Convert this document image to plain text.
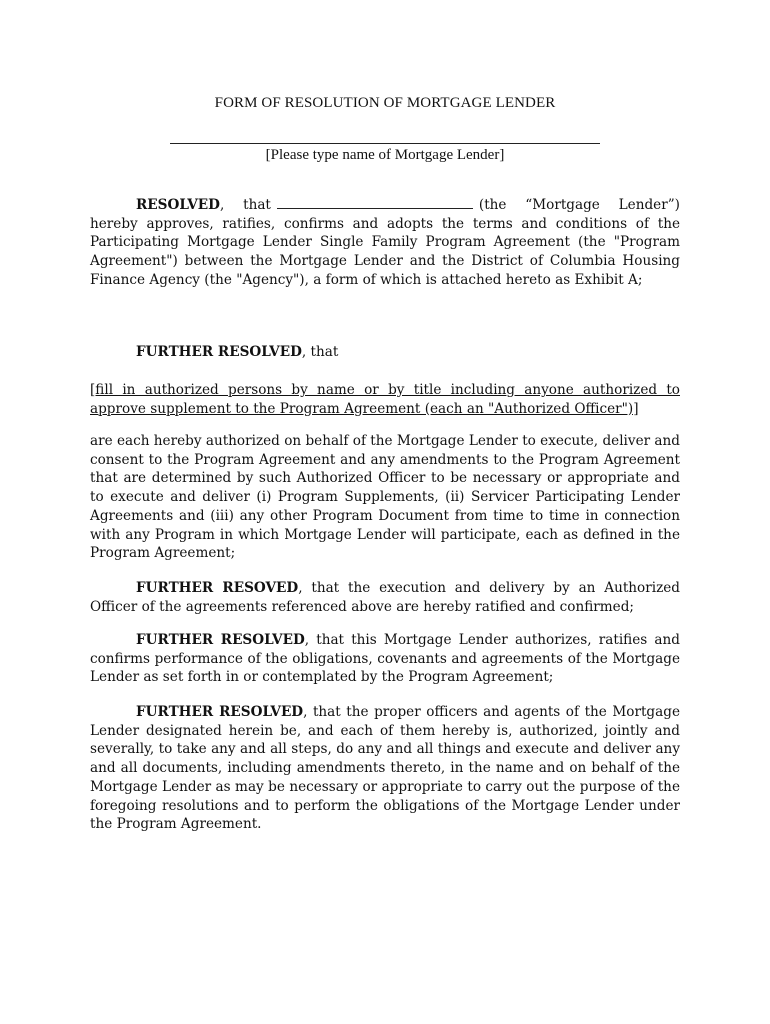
FORM OF RESOLUTION OF MORTGAGE LENDER
[Please type name of Mortgage Lender]

RESOLVED, that	(the “Mortgage Lender”) hereby approves, ratifies, confirms and adopts the terms and conditions of the Participating Mortgage Lender Single Family Program Agreement (the "Program Agreement") between the Mortgage Lender and the District of Columbia Housing Finance Agency (the "Agency"), a form of which is attached hereto as Exhibit A;

FURTHER RESOLVED, that

[fill in authorized persons by name or by title including anyone authorized to approve supplement to the Program Agreement (each an "Authorized Officer")]

are each hereby authorized on behalf of the Mortgage Lender to execute, deliver and consent to the Program Agreement and any amendments to the Program Agreement that are determined by such Authorized Officer to be necessary or appropriate and to execute and deliver (i) Program Supplements, (ii) Servicer Participating Lender Agreements and (iii) any other Program Document from time to time in connection with any Program in which Mortgage Lender will participate, each as defined in the Program Agreement;

FURTHER RESOVED, that the execution and delivery by an Authorized Officer of the agreements referenced above are hereby ratified and confirmed;

FURTHER RESOLVED, that this Mortgage Lender authorizes, ratifies and confirms performance of the obligations, covenants and agreements of the Mortgage Lender as set forth in or contemplated by the Program Agreement;

FURTHER RESOLVED, that the proper officers and agents of the Mortgage Lender designated herein be, and each of them hereby is, authorized, jointly and severally, to take any and all steps, do any and all things and execute and deliver any and all documents, including amendments thereto, in the name and on behalf of the Mortgage Lender as may be necessary or appropriate to carry out the purpose of the foregoing resolutions and to perform the obligations of the Mortgage Lender under the Program Agreement.
